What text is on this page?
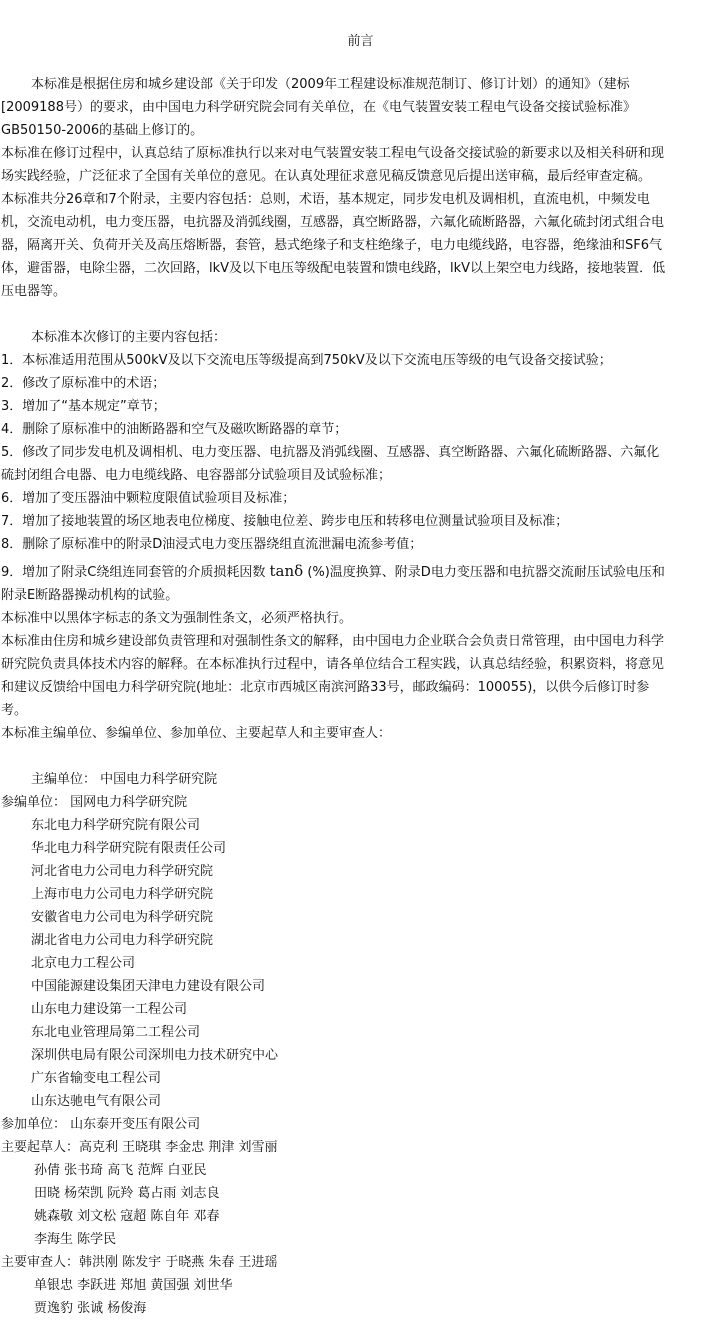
前言
本标准是根据住房和城乡建设部《关于印发（2009年工程建设标准规范制订、修订计划）的通知》（建标
[2009188号）的要求，由中国电力科学研究院会同有关单位，在《电气装置安装工程电气设备交接试验标准》
GB50150-2006的基础上修订的。
本标准在修订过程中，认真总结了原标准执行以来对电气装置安装工程电气设备交接试验的新要求以及相关科研和现
场实践经验，广泛征求了全国有关单位的意见。在认真处理征求意见稿反馈意见后提出送审稿，最后经审查定稿。
本标准共分26章和7个附录，主要内容包括：总则，术语，基本规定，同步发电机及调相机，直流电机，中频发电
机，交流电动机，电力变压器，电抗器及消弧线圈，互感器，真空断路器，六氟化硫断路器，六氟化硫封闭式组合电
器，隔离开关、负荷开关及高压熔断器，套管，悬式绝缘子和支柱绝缘子，电力电缆线路，电容器，绝缘油和SF6气
体，避雷器，电除尘器，二次回路，lkV及以下电压等级配电装置和馈电线路，lkV以上架空电力线路，接地装置．低
压电器等。
本标准本次修订的主要内容包括：
1．本标准适用范围从500kV及以下交流电压等级提高到750kV及以下交流电压等级的电气设备交接试验；
2．修改了原标准中的术语；
3．增加了“基本规定”章节；
4．删除了原标准中的油断路器和空气及磁吹断路器的章节；
5．修改了同步发电机及调相机、电力变压器、电抗器及消弧线圈、互感器、真空断路器、六氟化硫断路器、六氟化
硫封闭组合电器、电力电缆线路、电容器部分试验项目及试验标准；
6．增加了变压器油中颗粒度限值试验项目及标准；
7．增加了接地装置的场区地表电位梯度、接触电位差、跨步电压和转移电位测量试验项目及标准；
8．删除了原标准中的附录D油浸式电力变压器绕组直流泄漏电流参考值；
9．增加了附录C绕组连同套管的介质损耗因数 tanδ (%)温度换算、附录D电力变压器和电抗器交流耐压试验电压和
附录E断路器操动机构的试验。
本标准中以黑体字标志的条文为强制性条文，必须严格执行。
本标准由住房和城乡建设部负责管理和对强制性条文的解释，由中国电力企业联合会负责日常管理，由中国电力科学
研究院负责具体技术内容的解释。在本标准执行过程中，请各单位结合工程实践，认真总结经验，积累资料，将意见
和建议反馈给中国电力科学研究院(地址：北京市西城区南滨河路33号，邮政编码：100055)，以供今后修订时参
考。
本标准主编单位、参编单位、参加单位、主要起草人和主要审查人：
主编单位： 中国电力科学研究院
参编单位： 国网电力科学研究院
东北电力科学研究院有限公司
华北电力科学研究院有限责任公司
河北省电力公司电力科学研究院
上海市电力公司电力科学研究院
安徽省电力公司电为科学研究院
湖北省电力公司电力科学研究院
北京电力工程公司
中国能源建设集团天津电力建设有限公司
山东电力建设第一工程公司
东北电业管理局第二工程公司
深圳供电局有限公司深圳电力技术研究中心
广东省输变电工程公司
山东达驰电气有限公司
参加单位： 山东泰开变压有限公司
主要起草人：高克利 王晓琪 李金忠 荆津 刘雪丽
孙倩 张书琦 高飞 范辉 白亚民
田晓 杨荣凯 阮羚 葛占雨 刘志良
姚森敬 刘文松 寇超 陈自年 邓春
李海生 陈学民
主要审查人：韩洪刚 陈发宇 于晓燕 朱春 王进瑶
单银忠 李跃进 郑旭 黄国强 刘世华
贾逸豹 张诚 杨俊海
